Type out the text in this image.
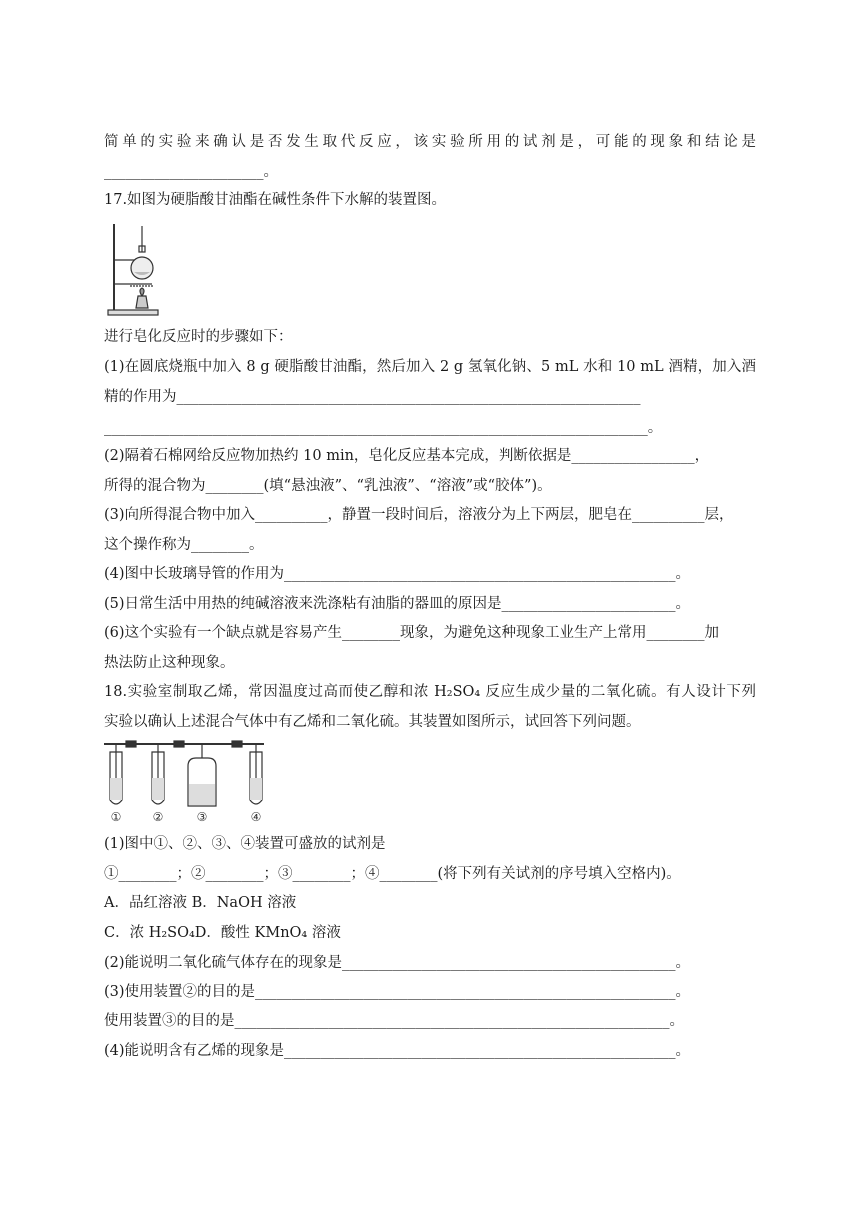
简单的实验来确认是否发生取代反应，该实验所用的试剂是，可能的现象和结论是
______________________。
17.如图为硬脂酸甘油酯在碱性条件下水解的装置图。
进行皂化反应时的步骤如下：
(1)在圆底烧瓶中加入 8 g 硬脂酸甘油酯，然后加入 2 g 氢氧化钠、5 mL 水和 10 mL 酒精，加入酒
精的作用为________________________________________________________________
___________________________________________________________________________。
(2)隔着石棉网给反应物加热约 10 min，皂化反应基本完成，判断依据是_________________，
所得的混合物为________(填“悬浊液”、“乳浊液”、“溶液”或“胶体”)。
(3)向所得混合物中加入__________，静置一段时间后，溶液分为上下两层，肥皂在__________层，
这个操作称为________。
(4)图中长玻璃导管的作用为______________________________________________________。
(5)日常生活中用热的纯碱溶液来洗涤粘有油脂的器皿的原因是________________________。
(6)这个实验有一个缺点就是容易产生________现象，为避免这种现象工业生产上常用________加
热法防止这种现象。
18.实验室制取乙烯，常因温度过高而使乙醇和浓 H₂SO₄ 反应生成少量的二氧化硫。有人设计下列
实验以确认上述混合气体中有乙烯和二氧化硫。其装置如图所示，试回答下列问题。
①	②	③	④
(1)图中①、②、③、④装置可盛放的试剂是
①________；②________；③________；④________(将下列有关试剂的序号填入空格内)。
A．品红溶液 B．NaOH 溶液
C．浓 H₂SO₄D．酸性 KMnO₄ 溶液
(2)能说明二氧化硫气体存在的现象是______________________________________________。
(3)使用装置②的目的是__________________________________________________________。
使用装置③的目的是____________________________________________________________。
(4)能说明含有乙烯的现象是______________________________________________________。
